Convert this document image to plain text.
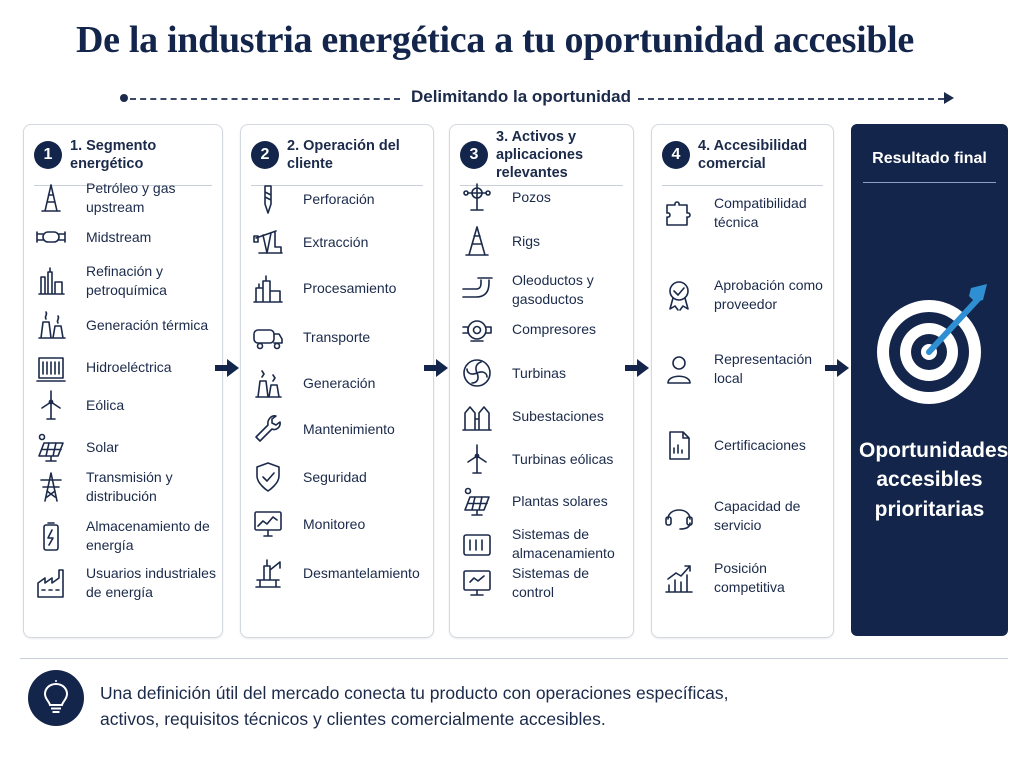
De la industria energética a tu oportunidad accesible
Delimitando la oportunidad
1
1. Segmento energético
Petróleo y gas upstream
Midstream
Refinación y petroquímica
Generación térmica
Hidroeléctrica
Eólica
Solar
Transmisión y distribución
Almacenamiento de energía
Usuarios industriales de energía
2
2. Operación del cliente
Perforación
Extracción
Procesamiento
Transporte
Generación
Mantenimiento
Seguridad
Monitoreo
Desmantelamiento
3
3. Activos y aplicaciones relevantes
Pozos
Rigs
Oleoductos y gasoductos
Compresores
Turbinas
Subestaciones
Turbinas eólicas
Plantas solares
Sistemas de almacenamiento
Sistemas de control
4
4. Accesibilidad comercial
Compatibilidad técnica
Aprobación como proveedor
Representación local
Certificaciones
Capacidad de servicio
Posición competitiva
Resultado final
Oportunidades accesibles prioritarias
Una definición útil del mercado conecta tu producto con operaciones específicas, activos, requisitos técnicos y clientes comercialmente accesibles.
